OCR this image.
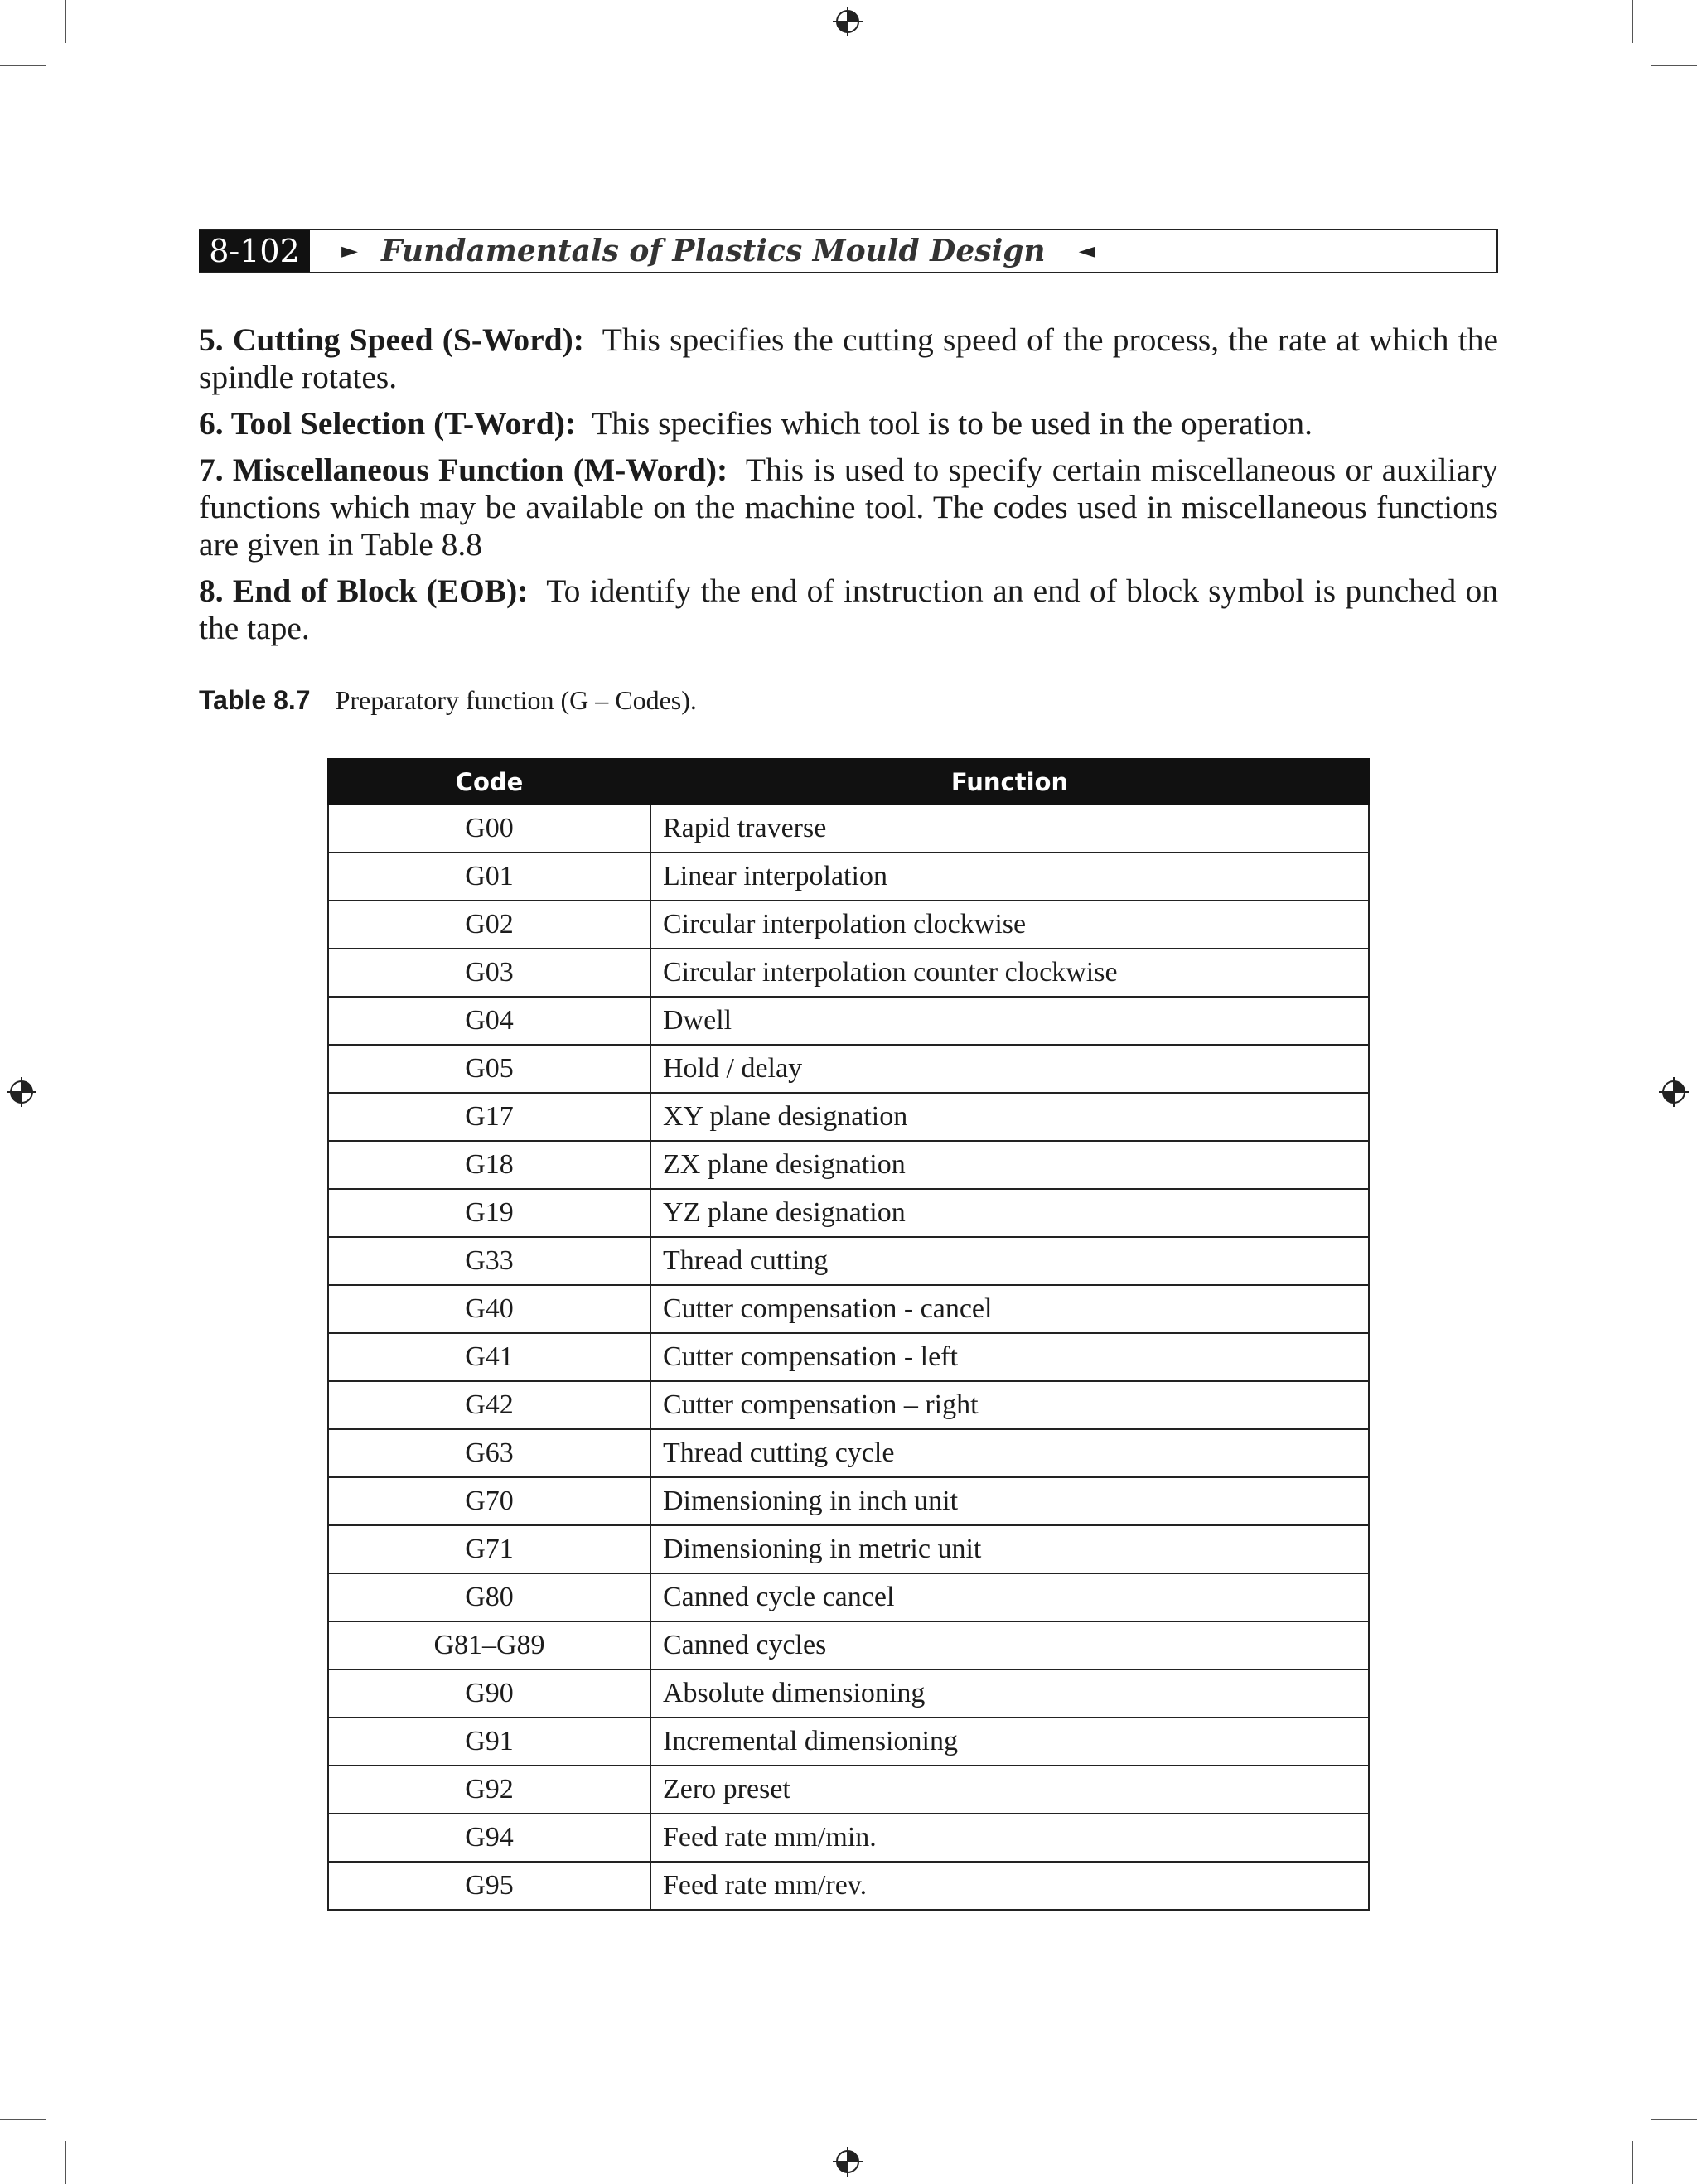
8-102	► Fundamentals of Plastics Mould Design ◄

5. Cutting Speed (S-Word): This specifies the cutting speed of the process, the rate at which the spindle rotates.

6. Tool Selection (T-Word): This specifies which tool is to be used in the operation.

7. Miscellaneous Function (M-Word): This is used to specify certain miscellaneous or auxiliary functions which may be available on the machine tool. The codes used in miscellaneous functions are given in Table 8.8

8. End of Block (EOB): To identify the end of instruction an end of block symbol is punched on the tape.

Table 8.7 Preparatory function (G – Codes).
Code	Function
G00	Rapid traverse
G01	Linear interpolation
G02	Circular interpolation clockwise
G03	Circular interpolation counter clockwise
G04	Dwell
G05	Hold / delay
G17	XY plane designation
G18	ZX plane designation
G19	YZ plane designation
G33	Thread cutting
G40	Cutter compensation - cancel
G41	Cutter compensation - left
G42	Cutter compensation – right
G63	Thread cutting cycle
G70	Dimensioning in inch unit
G71	Dimensioning in metric unit
G80	Canned cycle cancel
G81–G89	Canned cycles
G90	Absolute dimensioning
G91	Incremental dimensioning
G92	Zero preset
G94	Feed rate mm/min.
G95	Feed rate mm/rev.
